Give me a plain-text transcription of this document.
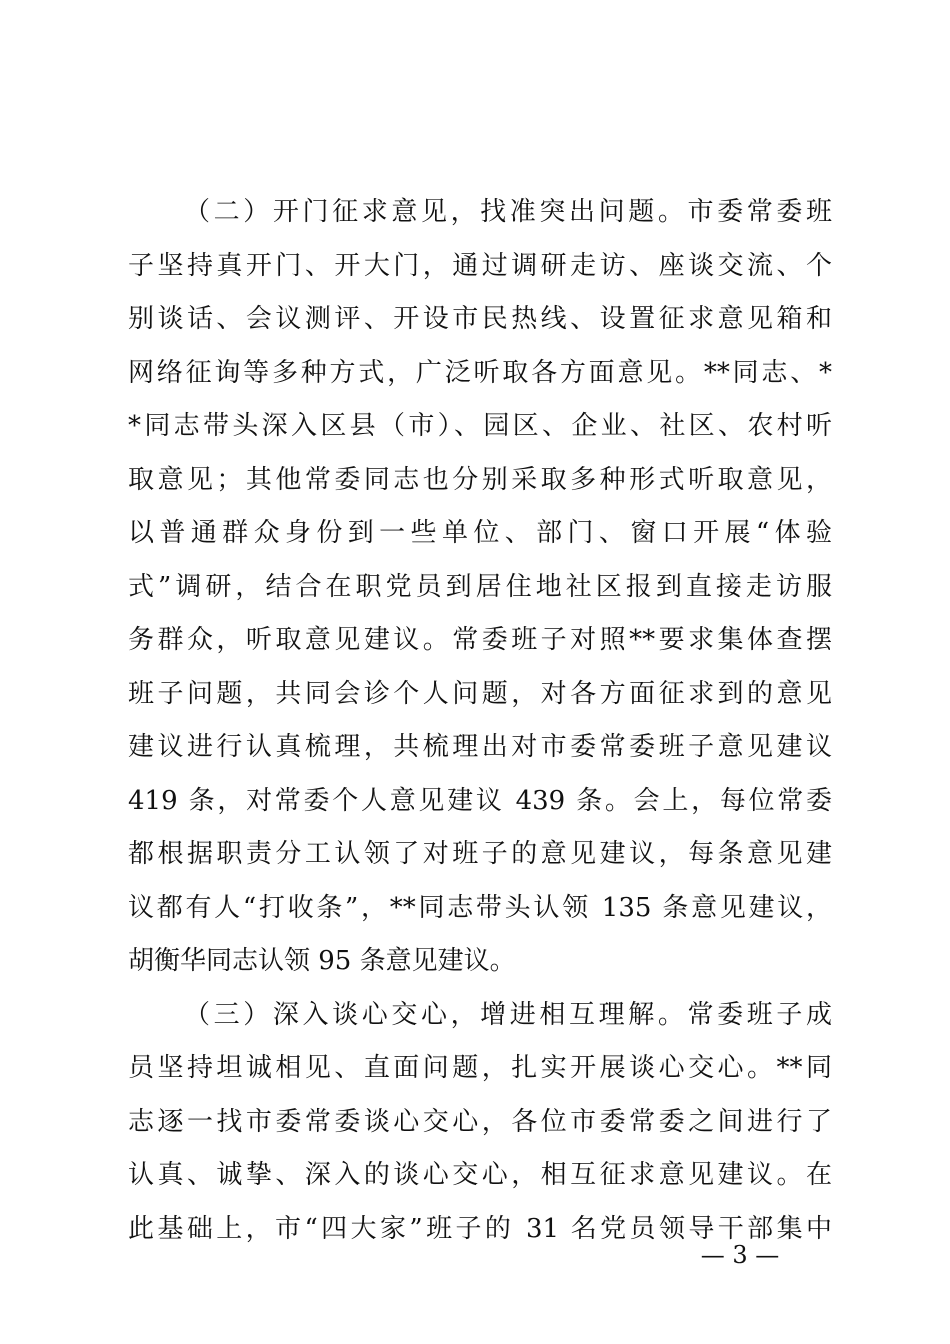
（二）开门征求意见，找准突出问题。市委常委班
子坚持真开门、开大门，通过调研走访、座谈交流、个
别谈话、会议测评、开设市民热线、设置征求意见箱和
网络征询等多种方式，广泛听取各方面意见。**同志、*
*同志带头深入区县（市）、园区、企业、社区、农村听
取意见；其他常委同志也分别采取多种形式听取意见，
以普通群众身份到一些单位、部门、窗口开展“体验
式”调研，结合在职党员到居住地社区报到直接走访服
务群众，听取意见建议。常委班子对照**要求集体查摆
班子问题，共同会诊个人问题，对各方面征求到的意见
建议进行认真梳理，共梳理出对市委常委班子意见建议
419 条，对常委个人意见建议 439 条。会上，每位常委
都根据职责分工认领了对班子的意见建议，每条意见建
议都有人“打收条”，**同志带头认领 135 条意见建议，
胡衡华同志认领 95 条意见建议。
（三）深入谈心交心，增进相互理解。常委班子成
员坚持坦诚相见、直面问题，扎实开展谈心交心。**同
志逐一找市委常委谈心交心，各位市委常委之间进行了
认真、诚挚、深入的谈心交心，相互征求意见建议。在
此基础上，市“四大家”班子的 31 名党员领导干部集中
— 3 —
